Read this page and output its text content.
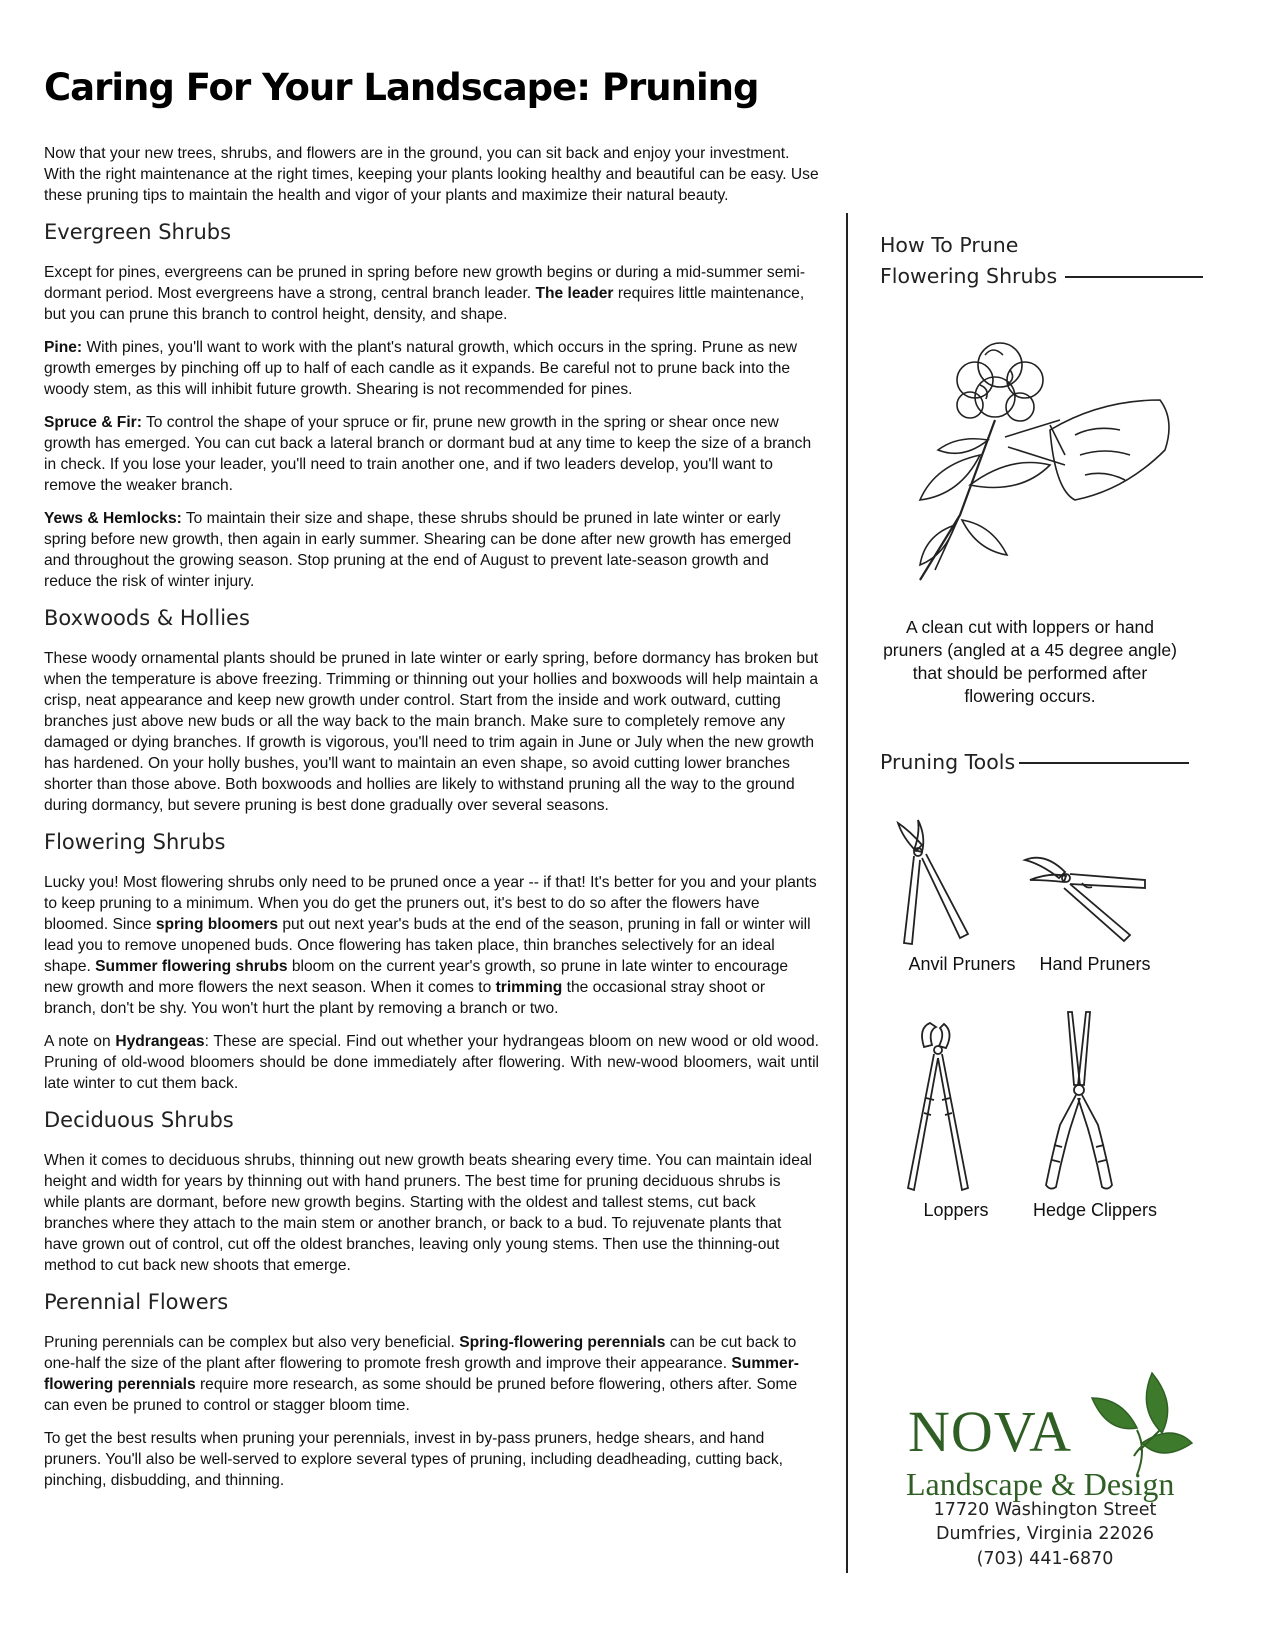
Caring For Your Landscape: Pruning

Now that your new trees, shrubs, and flowers are in the ground, you can sit back and enjoy your investment. With the right maintenance at the right times, keeping your plants looking healthy and beautiful can be easy. Use these pruning tips to maintain the health and vigor of your plants and maximize their natural beauty.

Evergreen Shrubs

Except for pines, evergreens can be pruned in spring before new growth begins or during a mid-summer semi-dormant period. Most evergreens have a strong, central branch leader. The leader requires little maintenance, but you can prune this branch to control height, density, and shape.

Pine: With pines, you'll want to work with the plant's natural growth, which occurs in the spring. Prune as new growth emerges by pinching off up to half of each candle as it expands. Be careful not to prune back into the woody stem, as this will inhibit future growth. Shearing is not recommended for pines.

Spruce & Fir: To control the shape of your spruce or fir, prune new growth in the spring or shear once new growth has emerged. You can cut back a lateral branch or dormant bud at any time to keep the size of a branch in check. If you lose your leader, you'll need to train another one, and if two leaders develop, you'll want to remove the weaker branch.

Yews & Hemlocks: To maintain their size and shape, these shrubs should be pruned in late winter or early spring before new growth, then again in early summer. Shearing can be done after new growth has emerged and throughout the growing season. Stop pruning at the end of August to prevent late-season growth and reduce the risk of winter injury.

Boxwoods & Hollies

These woody ornamental plants should be pruned in late winter or early spring, before dormancy has broken but when the temperature is above freezing. Trimming or thinning out your hollies and boxwoods will help maintain a crisp, neat appearance and keep new growth under control. Start from the inside and work outward, cutting branches just above new buds or all the way back to the main branch. Make sure to completely remove any damaged or dying branches. If growth is vigorous, you'll need to trim again in June or July when the new growth has hardened. On your holly bushes, you'll want to maintain an even shape, so avoid cutting lower branches shorter than those above. Both boxwoods and hollies are likely to withstand pruning all the way to the ground during dormancy, but severe pruning is best done gradually over several seasons.

Flowering Shrubs

Lucky you! Most flowering shrubs only need to be pruned once a year -- if that! It's better for you and your plants to keep pruning to a minimum. When you do get the pruners out, it's best to do so after the flowers have bloomed. Since spring bloomers put out next year's buds at the end of the season, pruning in fall or winter will lead you to remove unopened buds. Once flowering has taken place, thin branches selectively for an ideal shape. Summer flowering shrubs bloom on the current year's growth, so prune in late winter to encourage new growth and more flowers the next season. When it comes to trimming the occasional stray shoot or branch, don't be shy. You won't hurt the plant by removing a branch or two.

A note on Hydrangeas: These are special. Find out whether your hydrangeas bloom on new wood or old wood. Pruning of old-wood bloomers should be done immediately after flowering. With new-wood bloomers, wait until late winter to cut them back.

Deciduous Shrubs

When it comes to deciduous shrubs, thinning out new growth beats shearing every time. You can maintain ideal height and width for years by thinning out with hand pruners. The best time for pruning deciduous shrubs is while plants are dormant, before new growth begins. Starting with the oldest and tallest stems, cut back branches where they attach to the main stem or another branch, or back to a bud. To rejuvenate plants that have grown out of control, cut off the oldest branches, leaving only young stems. Then use the thinning-out method to cut back new shoots that emerge.

Perennial Flowers

Pruning perennials can be complex but also very beneficial. Spring-flowering perennials can be cut back to one-half the size of the plant after flowering to promote fresh growth and improve their appearance. Summer-flowering perennials require more research, as some should be pruned before flowering, others after. Some can even be pruned to control or stagger bloom time.

To get the best results when pruning your perennials, invest in by-pass pruners, hedge shears, and hand pruners. You'll also be well-served to explore several types of pruning, including deadheading, cutting back, pinching, disbudding, and thinning.

How To Prune
Flowering Shrubs
A clean cut with loppers or hand pruners (angled at a 45 degree angle) that should be performed after flowering occurs.
Pruning Tools
Anvil Pruners	Hand Pruners
Loppers	Hedge Clippers
NOVA
Landscape & Design
17720 Washington Street
Dumfries, Virginia 22026
(703) 441-6870
